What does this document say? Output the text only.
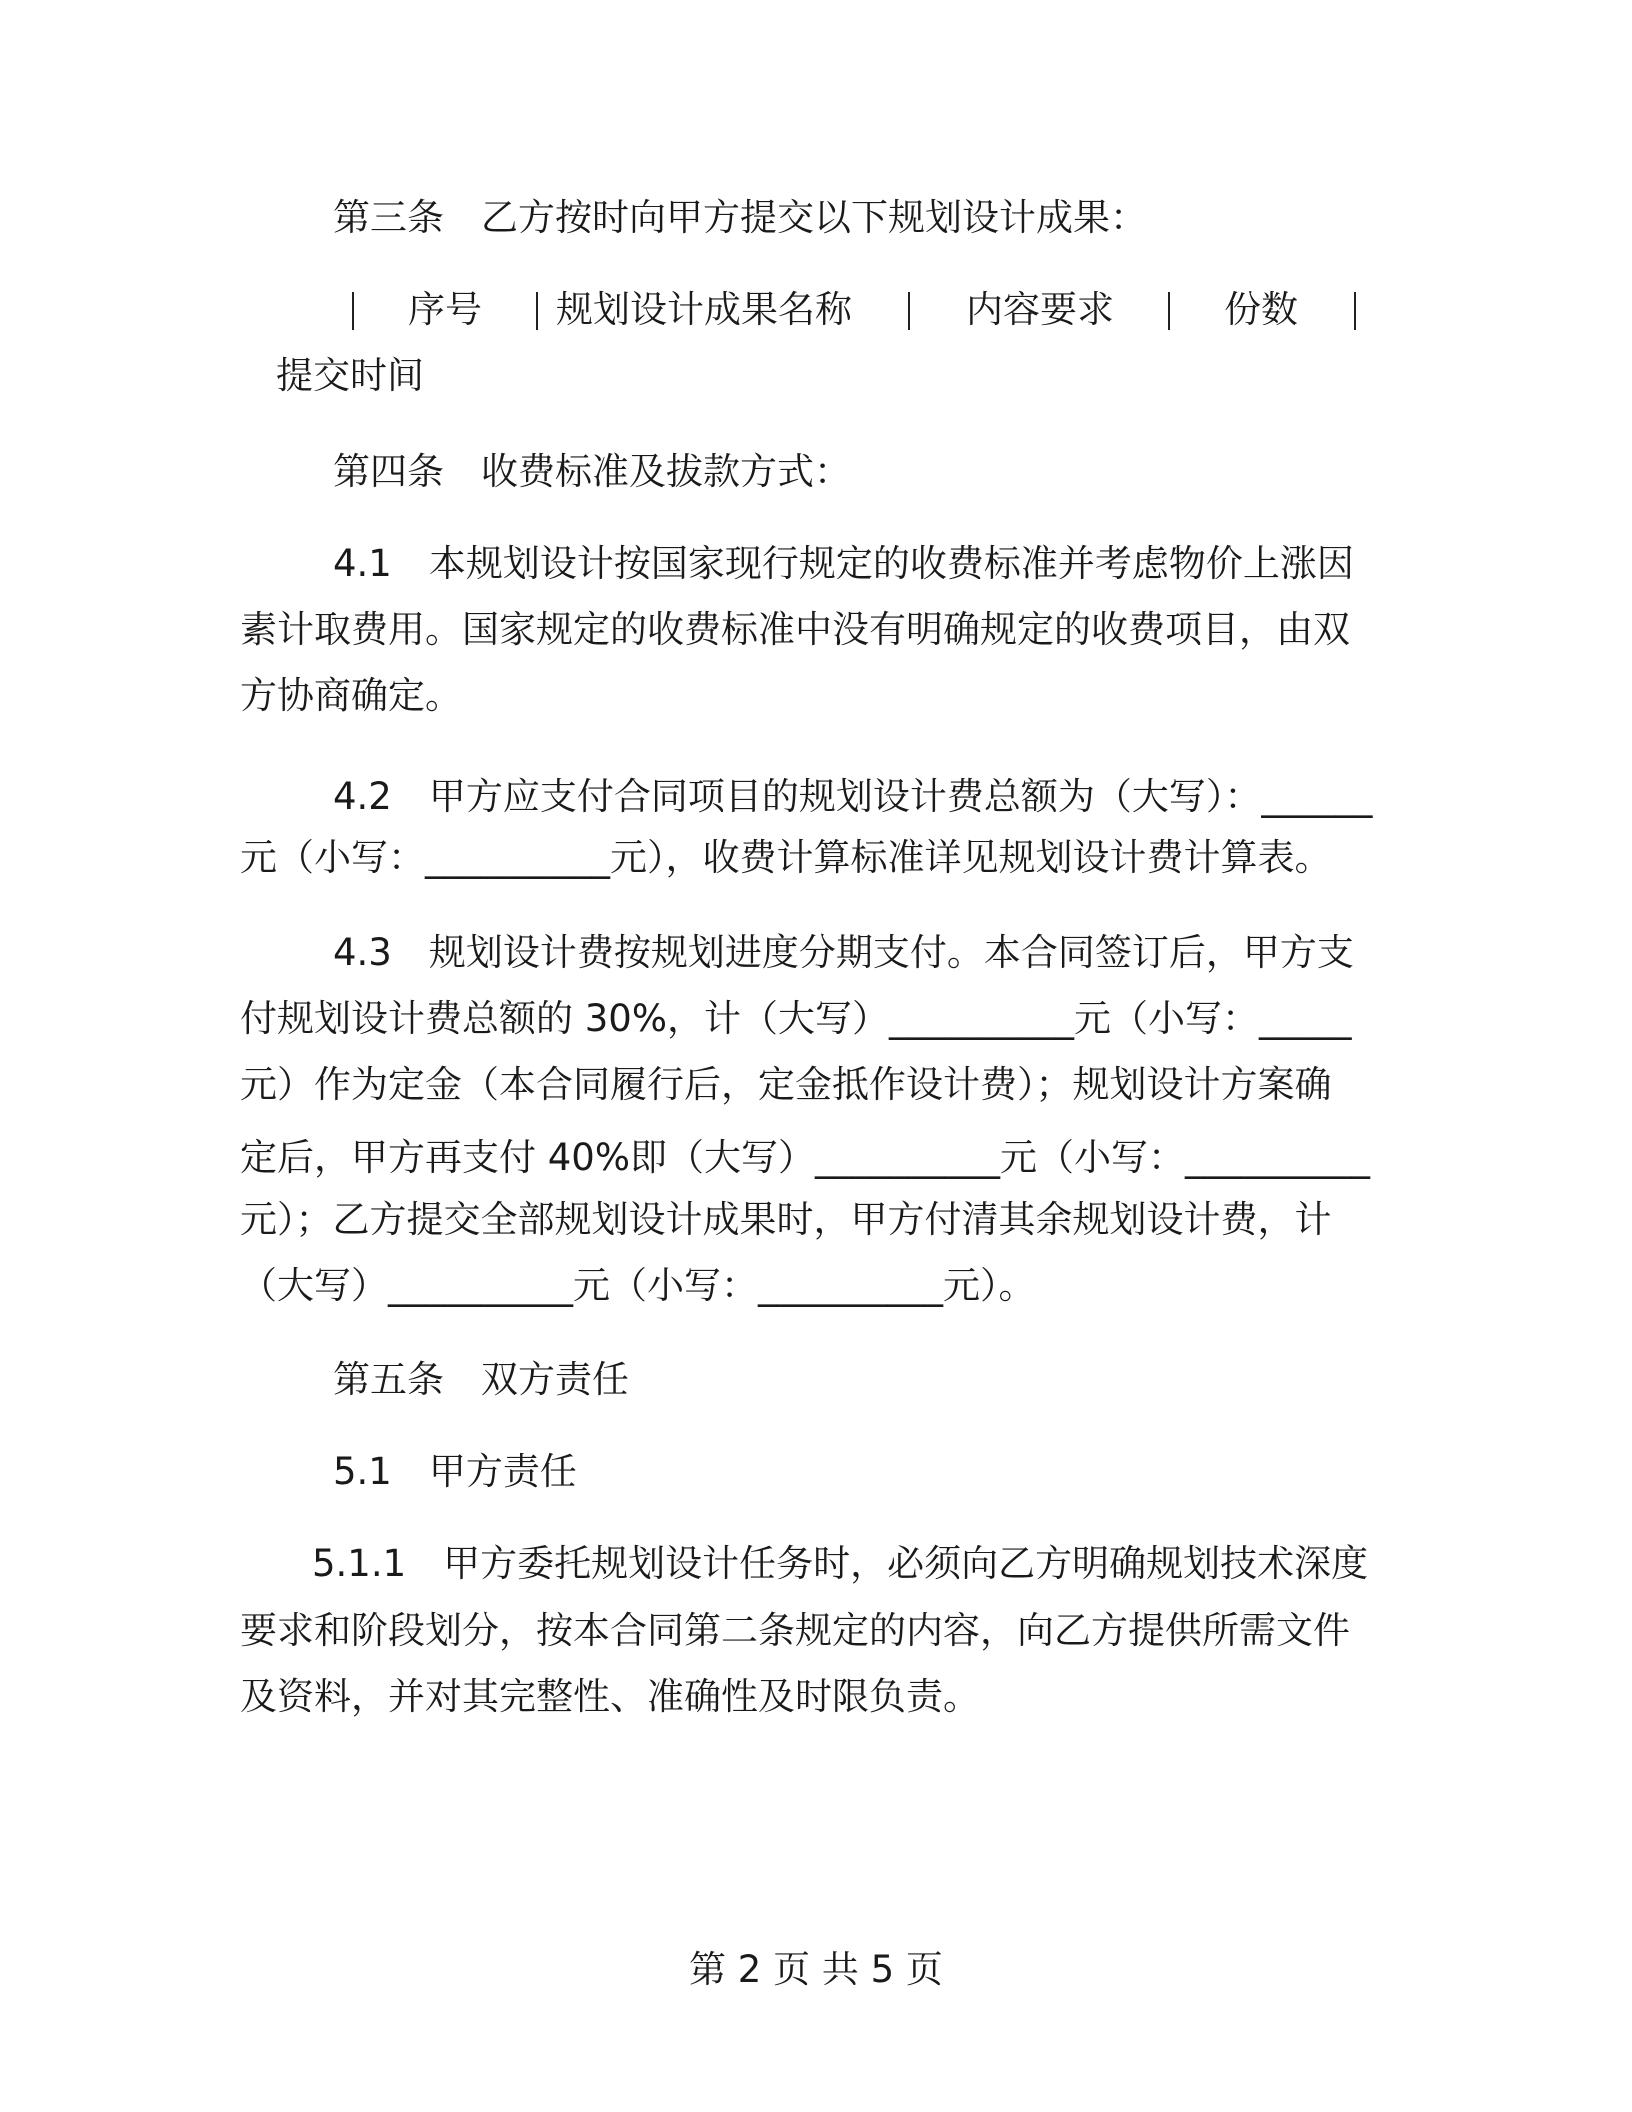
第三条　乙方按时向甲方提交以下规划设计成果：
序号 规划设计成果名称	内容要求	份数
提交时间
第四条　收费标准及拔款方式：
4.1　本规划设计按国家现行规定的收费标准并考虑物价上涨因
素计取费用。国家规定的收费标准中没有明确规定的收费项目，由双
方协商确定。
4.2　甲方应支付合同项目的规划设计费总额为（大写）：______
元（小写：__________元），收费计算标准详见规划设计费计算表。
4.3　规划设计费按规划进度分期支付。本合同签订后，甲方支
付规划设计费总额的 30%，计（大写）__________元（小写：_____
元）作为定金（本合同履行后，定金抵作设计费）；规划设计方案确
定后，甲方再支付 40%即（大写）__________元（小写：__________
元）；乙方提交全部规划设计成果时，甲方付清其余规划设计费，计
（大写）__________元（小写：__________元）。
第五条　双方责任
5.1　甲方责任
5.1.1　甲方委托规划设计任务时，必须向乙方明确规划技术深度
要求和阶段划分，按本合同第二条规定的内容，向乙方提供所需文件
及资料，并对其完整性、准确性及时限负责。
第 2 页 共 5 页
